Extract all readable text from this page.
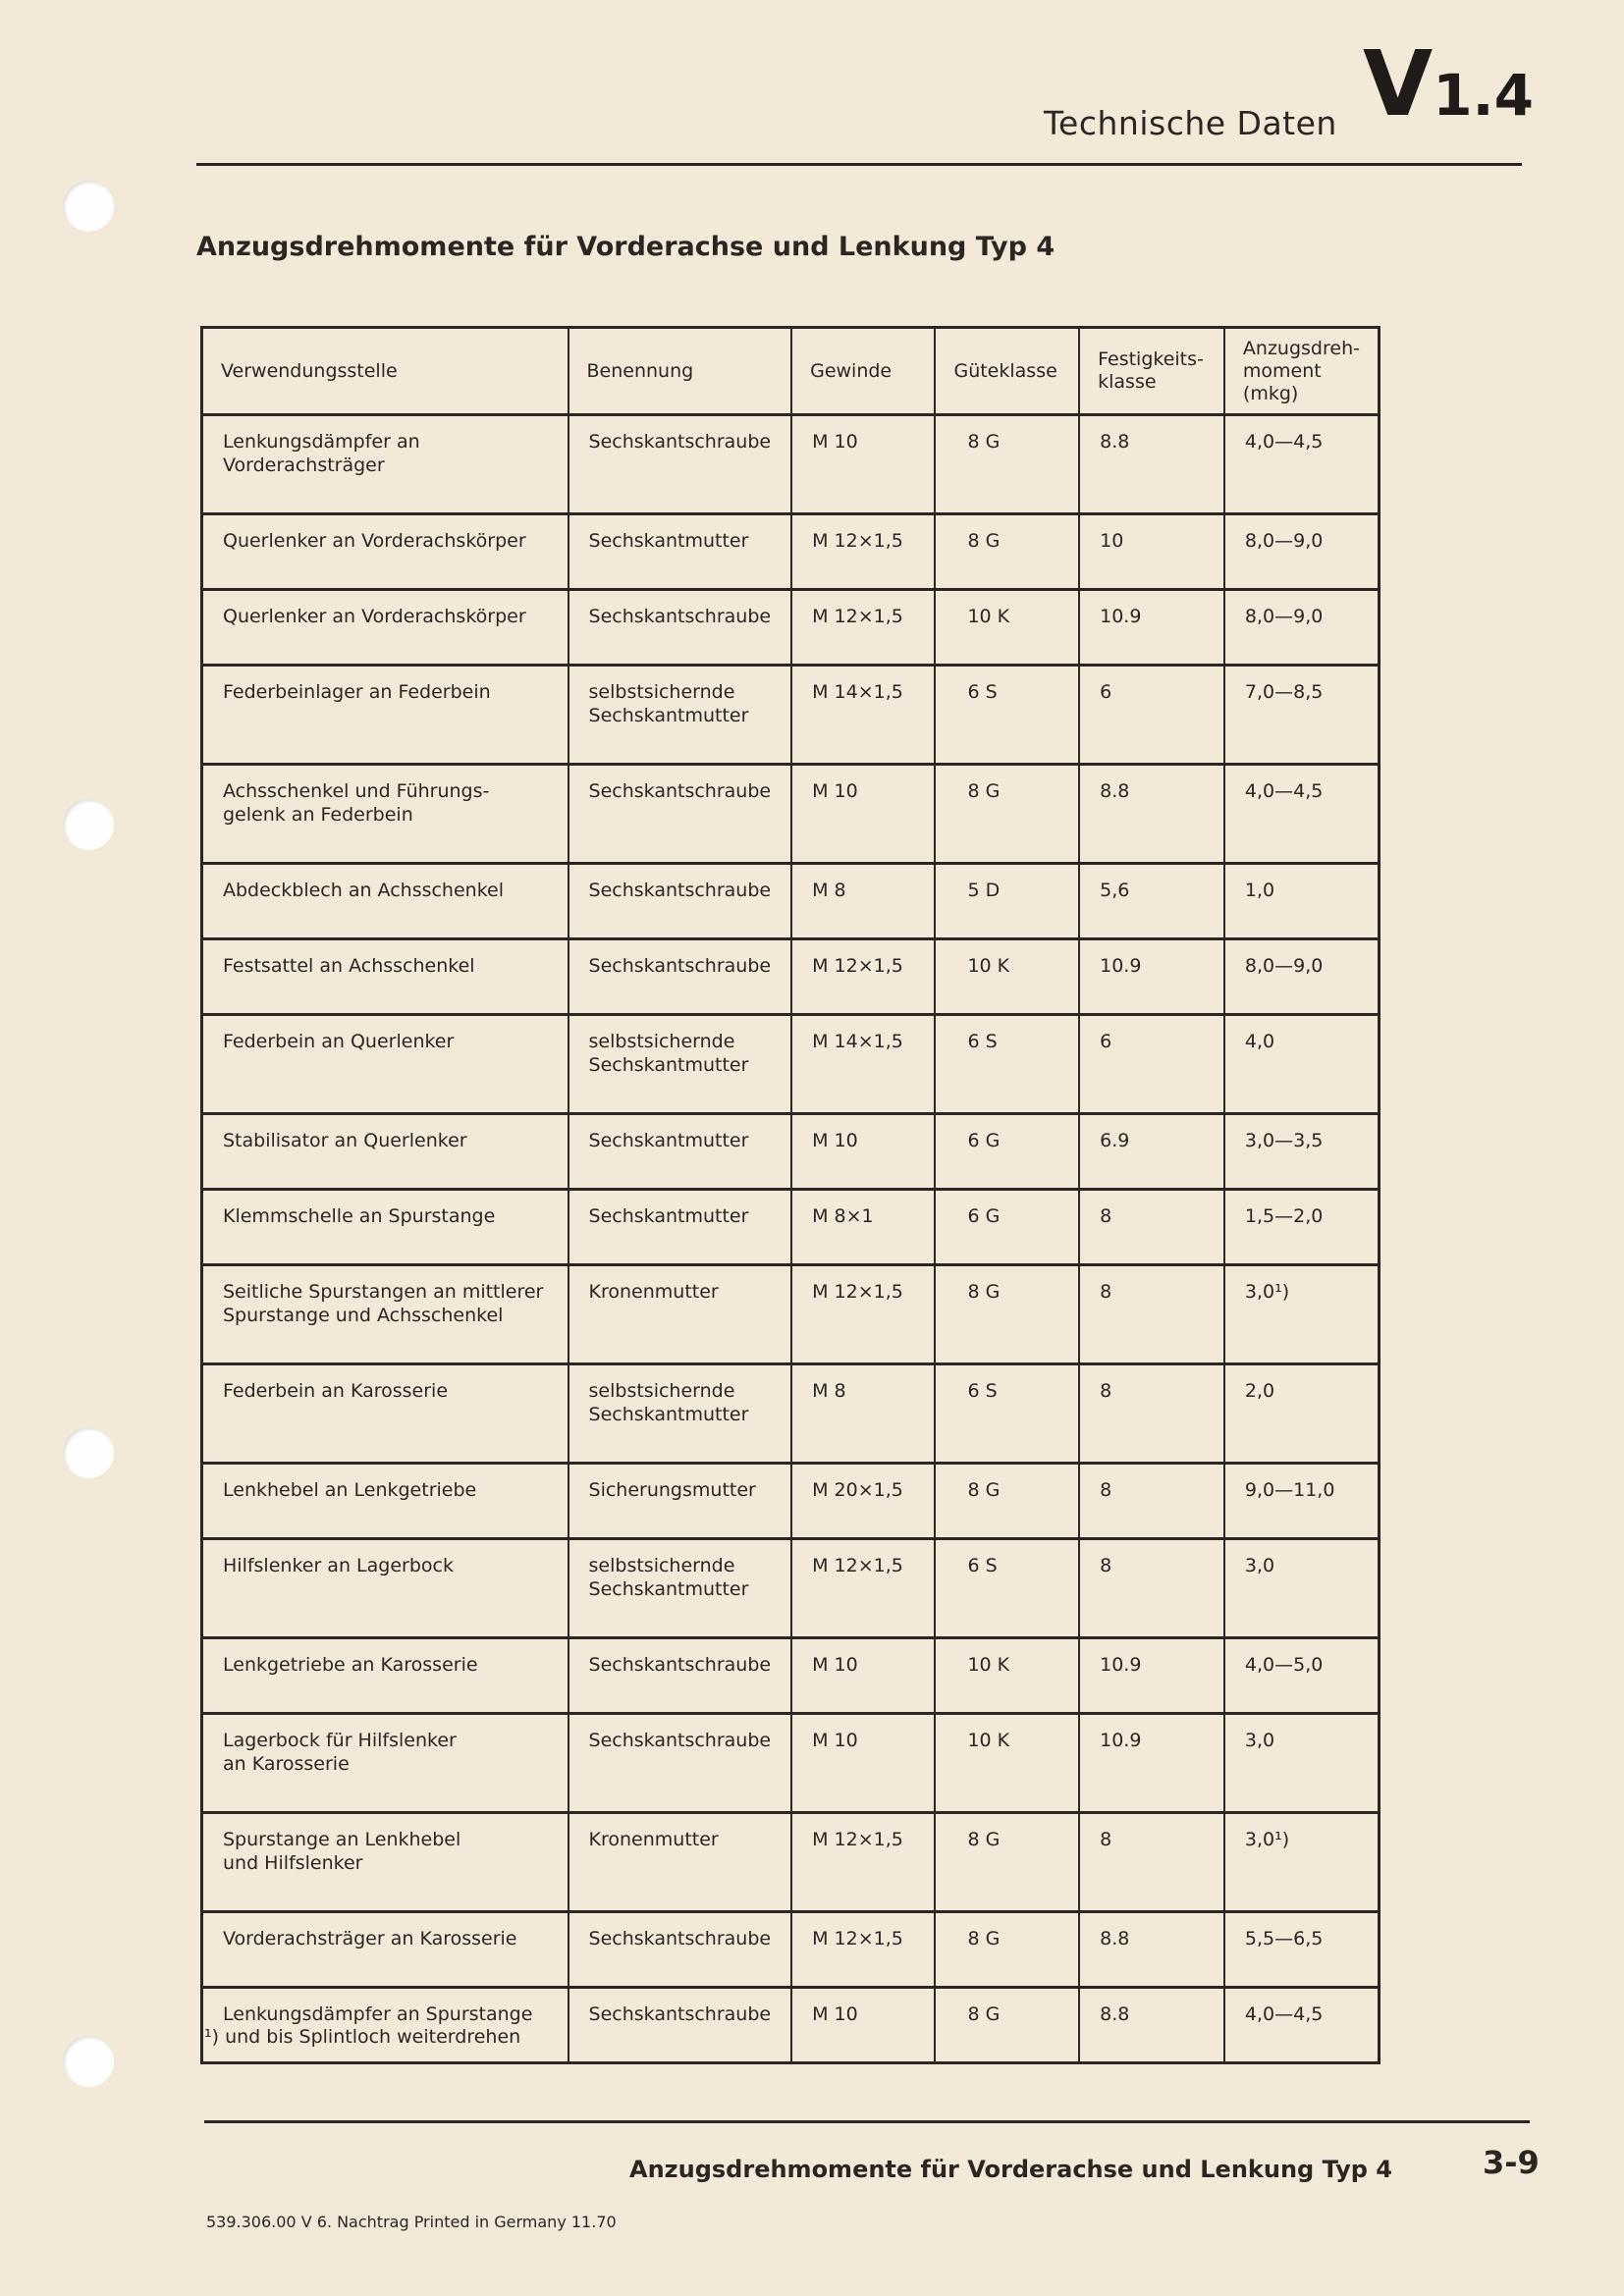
Technische Daten V1.4
Anzugsdrehmomente für Vorderachse und Lenkung Typ 4
Verwendungsstelle	Benennung	Gewinde	Güteklasse	Festigkeits-
klasse	Anzugsdreh-
moment (mkg)
Lenkungsdämpfer an
Vorderachsträger	Sechskantschraube	M 10	8 G	8.8	4,0—4,5
Querlenker an Vorderachskörper	Sechskantmutter	M 12×1,5	8 G	10	8,0—9,0
Querlenker an Vorderachskörper	Sechskantschraube	M 12×1,5	10 K	10.9	8,0—9,0
Federbeinlager an Federbein	selbstsichernde
Sechskantmutter	M 14×1,5	6 S	6	7,0—8,5
Achsschenkel und Führungs-
gelenk an Federbein	Sechskantschraube	M 10	8 G	8.8	4,0—4,5
Abdeckblech an Achsschenkel	Sechskantschraube	M 8	5 D	5,6	1,0
Festsattel an Achsschenkel	Sechskantschraube	M 12×1,5	10 K	10.9	8,0—9,0
Federbein an Querlenker	selbstsichernde
Sechskantmutter	M 14×1,5	6 S	6	4,0
Stabilisator an Querlenker	Sechskantmutter	M 10	6 G	6.9	3,0—3,5
Klemmschelle an Spurstange	Sechskantmutter	M 8×1	6 G	8	1,5—2,0
Seitliche Spurstangen an mittlerer
Spurstange und Achsschenkel	Kronenmutter	M 12×1,5	8 G	8	3,0¹)
Federbein an Karosserie	selbstsichernde
Sechskantmutter	M 8	6 S	8	2,0
Lenkhebel an Lenkgetriebe	Sicherungsmutter	M 20×1,5	8 G	8	9,0—11,0
Hilfslenker an Lagerbock	selbstsichernde
Sechskantmutter	M 12×1,5	6 S	8	3,0
Lenkgetriebe an Karosserie	Sechskantschraube	M 10	10 K	10.9	4,0—5,0
Lagerbock für Hilfslenker
an Karosserie	Sechskantschraube	M 10	10 K	10.9	3,0
Spurstange an Lenkhebel
und Hilfslenker	Kronenmutter	M 12×1,5	8 G	8	3,0¹)
Vorderachsträger an Karosserie	Sechskantschraube	M 12×1,5	8 G	8.8	5,5—6,5
Lenkungsdämpfer an Spurstange	Sechskantschraube	M 10	8 G	8.8	4,0—4,5
¹) und bis Splintloch weiterdrehen
Anzugsdrehmomente für Vorderachse und Lenkung Typ 4	3-9
539.306.00 V 6. Nachtrag Printed in Germany 11.70
